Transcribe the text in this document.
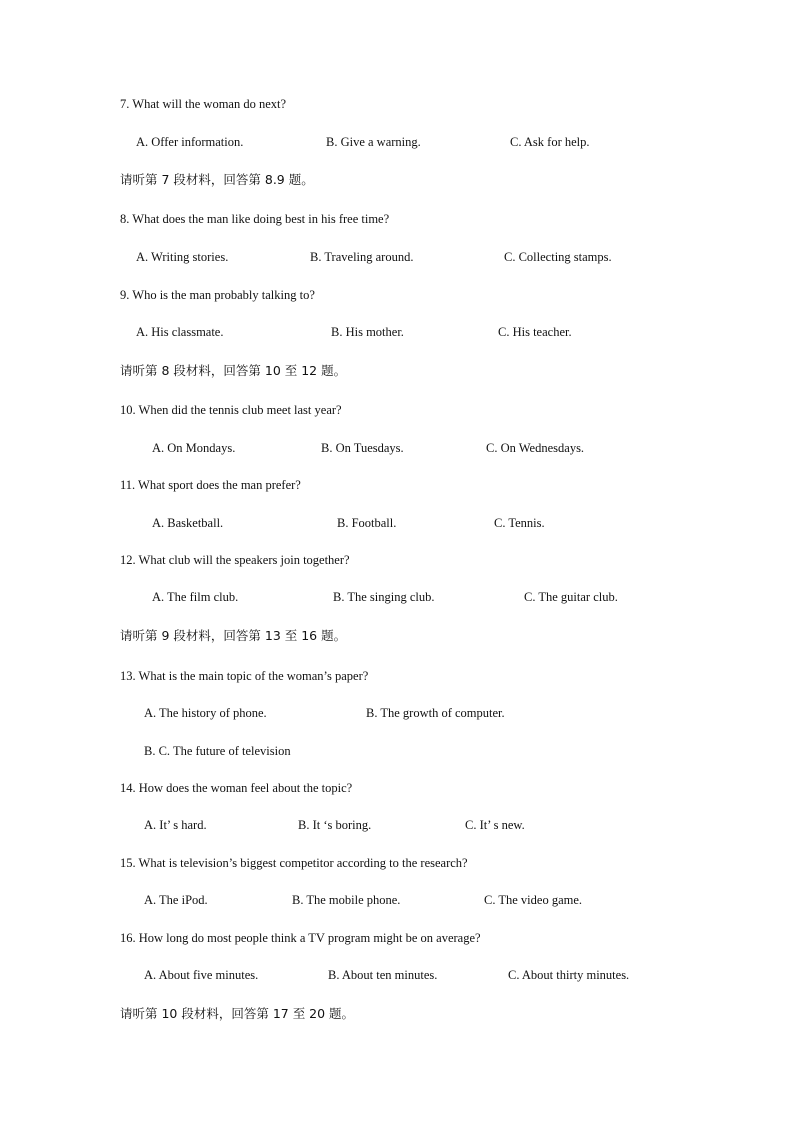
7. What will the woman do next?
A. Offer information.	B. Give a warning.	C. Ask for help.
请听第 7 段材料，回答第 8.9 题。
8. What does the man like doing best in his free time?
A. Writing stories.	B. Traveling around.	C. Collecting stamps.
9. Who is the man probably talking to?
A. His classmate.	B. His mother.	C. His teacher.
请听第 8 段材料，回答第 10 至 12 题。
10. When did the tennis club meet last year?
A. On Mondays.	B. On Tuesdays.	C. On Wednesdays.
11. What sport does the man prefer?
A. Basketball.	B. Football.	C. Tennis.
12. What club will the speakers join together?
A. The film club.	B. The singing club.	C. The guitar club.
请听第 9 段材料，回答第 13 至 16 题。
13. What is the main topic of the woman’s paper?
A. The history of phone.	B. The growth of computer.
B. C. The future of television
14. How does the woman feel about the topic?
A. It’ s hard.	B. It ‘s boring.	C. It’ s new.
15. What is television’s biggest competitor according to the research?
A. The iPod.	B. The mobile phone.	C. The video game.
16. How long do most people think a TV program might be on average?
A. About five minutes.	B. About ten minutes.	C. About thirty minutes.
请听第 10 段材料，回答第 17 至 20 题。
